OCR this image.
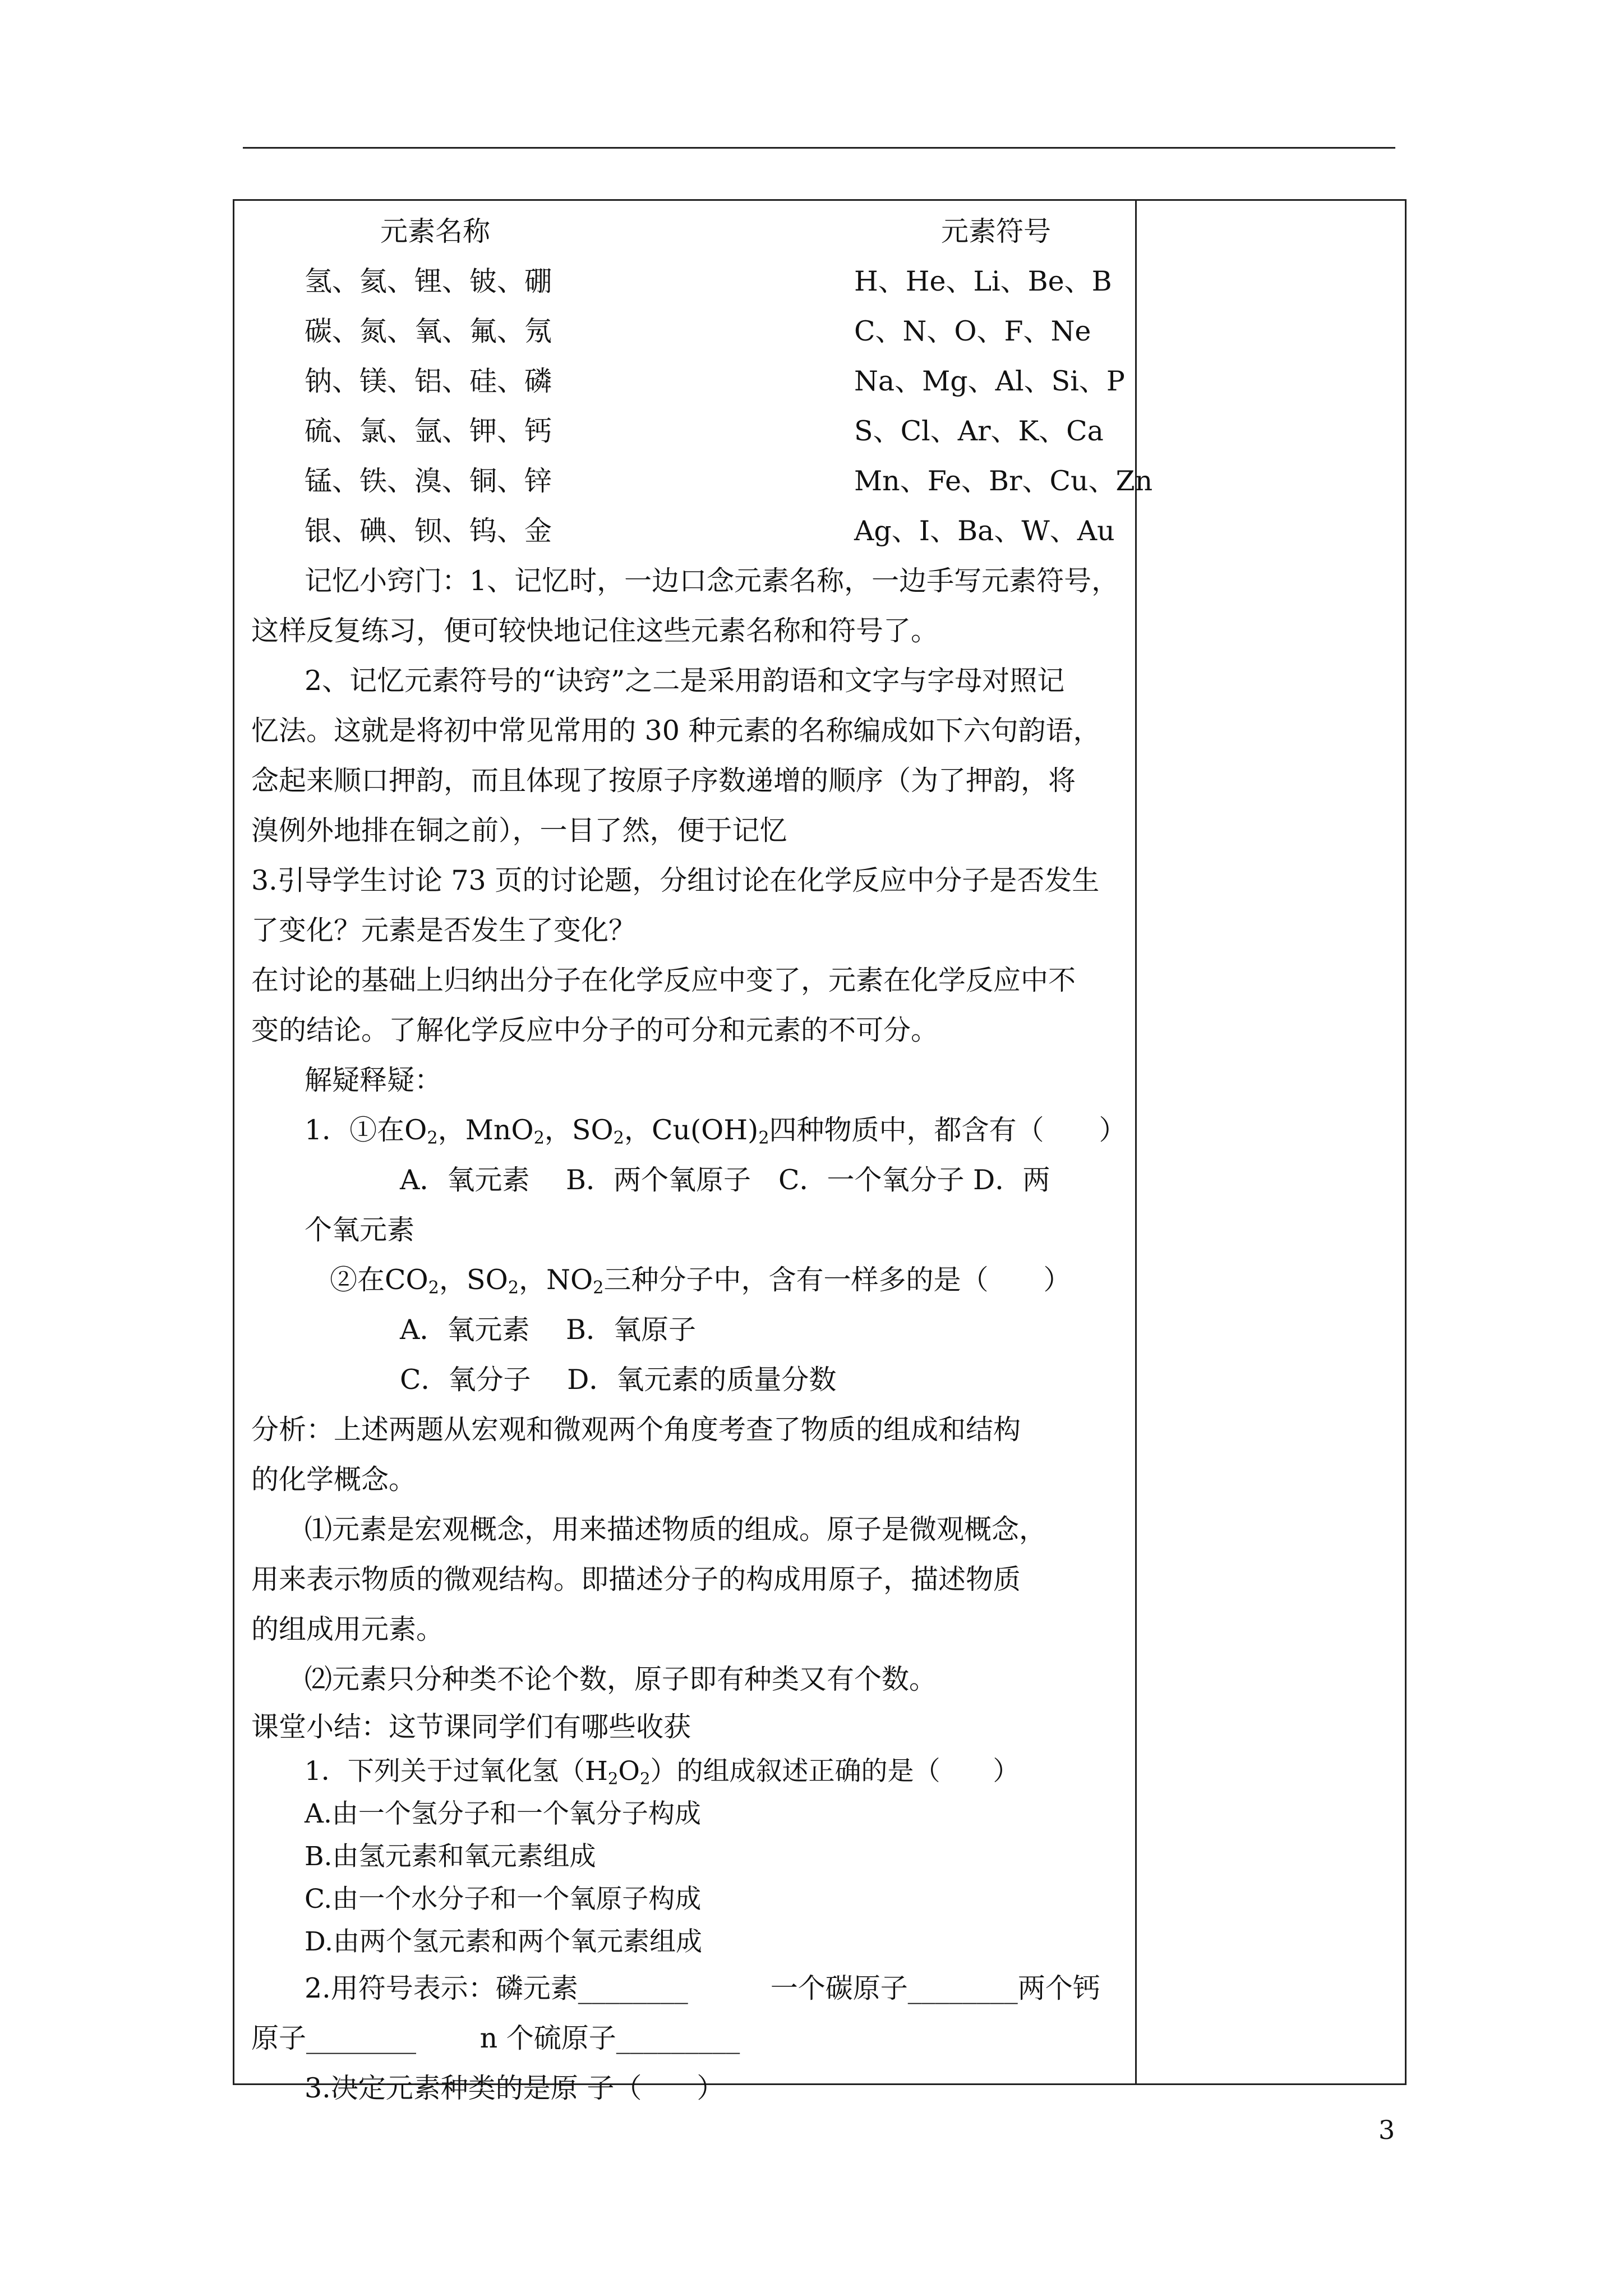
元素名称	元素符号
氢、氦、锂、铍、硼	H、He、Li、Be、B
碳、氮、氧、氟、氖	C、N、O、F、Ne
钠、镁、铝、硅、磷	Na、Mg、Al、Si、P
硫、氯、氩、钾、钙	S、Cl、Ar、K、Ca
锰、铁、溴、铜、锌	Mn、Fe、Br、Cu、Zn
银、碘、钡、钨、金	Ag、I、Ba、W、Au
记忆小窍门：1、记忆时，一边口念元素名称，一边手写元素符号，
这样反复练习，便可较快地记住这些元素名称和符号了。
2、记忆元素符号的“诀窍”之二是采用韵语和文字与字母对照记
忆法。这就是将初中常见常用的 30 种元素的名称编成如下六句韵语，
念起来顺口押韵，而且体现了按原子序数递增的顺序（为了押韵，将
溴例外地排在铜之前），一目了然，便于记忆
3.引导学生讨论 73 页的讨论题，分组讨论在化学反应中分子是否发生
了变化？元素是否发生了变化？
在讨论的基础上归纳出分子在化学反应中变了，元素在化学反应中不
变的结论。了解化学反应中分子的可分和元素的不可分。
解疑释疑：
1．①在$O_2$，MnO$_2$，$SO_2$，$Cu(OH)_2$四种物质中，都含有（　　）
A．氧元素　 B．两个氧原子　C．一个氧分子 D．两
个氧元素
②在$CO_2$，$SO_2$，$NO_2$三种分子中，含有一样多的是（　　）
A．氧元素　 B．氧原子
C．氧分子　 D．氧元素的质量分数
分析：上述两题从宏观和微观两个角度考查了物质的组成和结构
的化学概念。
⑴元素是宏观概念，用来描述物质的组成。原子是微观概念，
用来表示物质的微观结构。即描述分子的构成用原子，描述物质
的组成用元素。
⑵元素只分种类不论个数，原子即有种类又有个数。
课堂小结：这节课同学们有哪些收获
1．下列关于过氧化氢$(H_2O_2)$的组成叙述正确的是（　　）
A.由一个氢分子和一个氧分子构成
B.由氢元素和氧元素组成
C.由一个水分子和一个氧原子构成
D.由两个氢元素和两个氧元素组成
2.用符号表示：磷元素________　　　一个碳原子________两个钙
原子________　　 n 个硫原子_________
3.决定元素种类的是原 子（　　）
3
